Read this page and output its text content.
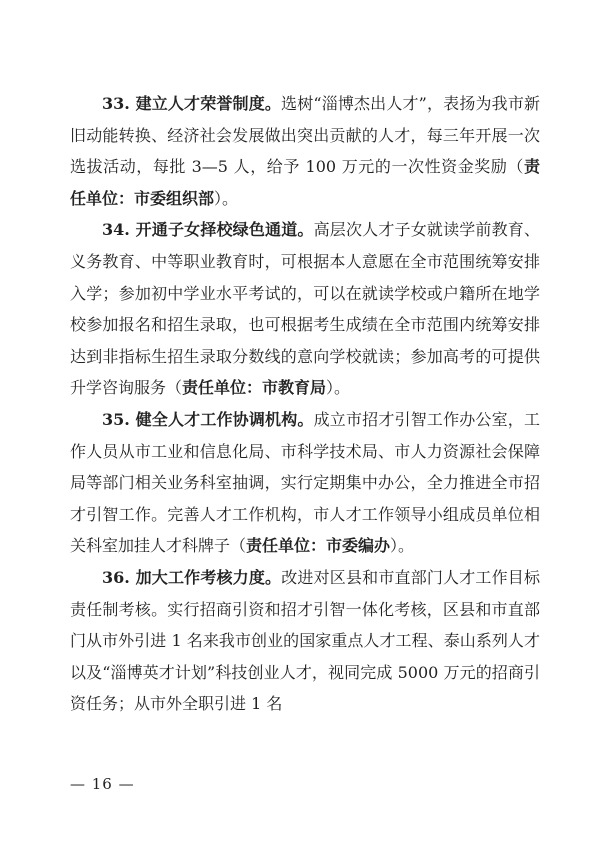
33. 建立人才荣誉制度。选树“淄博杰出人才”，表扬为我市新旧动能转换、经济社会发展做出突出贡献的人才，每三年开展一次选拔活动，每批 3—5 人，给予 100 万元的一次性资金奖励（责任单位：市委组织部）。

34. 开通子女择校绿色通道。高层次人才子女就读学前教育、义务教育、中等职业教育时，可根据本人意愿在全市范围统筹安排入学；参加初中学业水平考试的，可以在就读学校或户籍所在地学校参加报名和招生录取，也可根据考生成绩在全市范围内统筹安排达到非指标生招生录取分数线的意向学校就读；参加高考的可提供升学咨询服务（责任单位：市教育局）。

35. 健全人才工作协调机构。成立市招才引智工作办公室，工作人员从市工业和信息化局、市科学技术局、市人力资源社会保障局等部门相关业务科室抽调，实行定期集中办公，全力推进全市招才引智工作。完善人才工作机构，市人才工作领导小组成员单位相关科室加挂人才科牌子（责任单位：市委编办）。

36. 加大工作考核力度。改进对区县和市直部门人才工作目标责任制考核。实行招商引资和招才引智一体化考核，区县和市直部门从市外引进 1 名来我市创业的国家重点人才工程、泰山系列人才以及“淄博英才计划”科技创业人才，视同完成 5000 万元的招商引资任务；从市外全职引进 1 名

— 16 —
